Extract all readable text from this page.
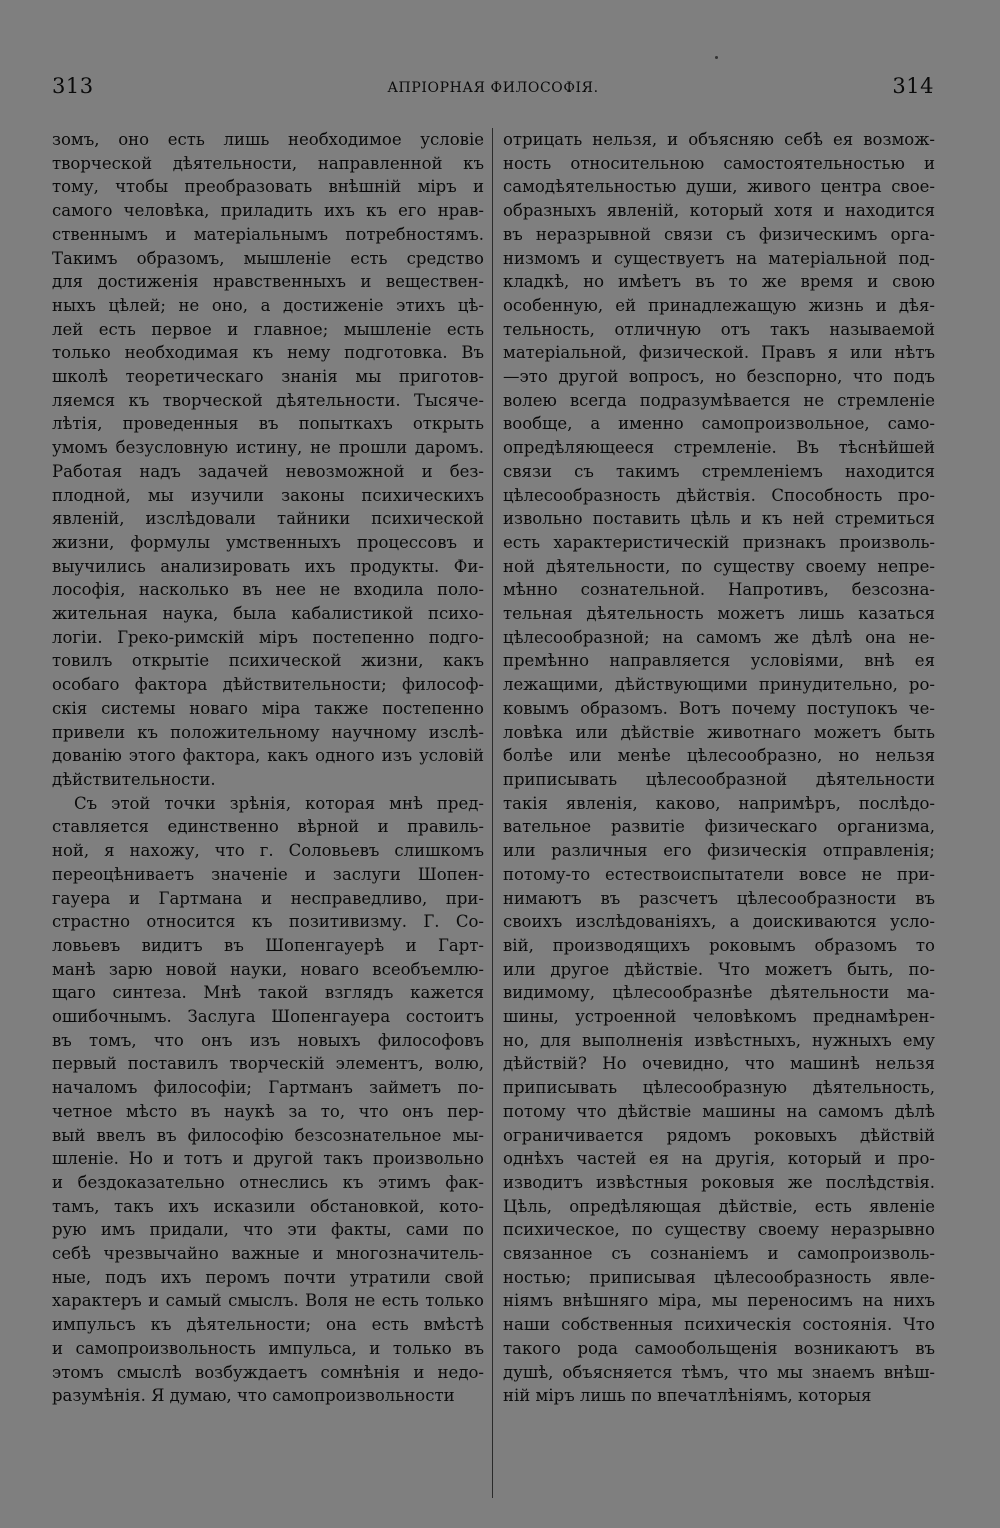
313	АПРІОРНАЯ ФИЛОСОФІЯ.	314
зомъ, оно есть лишь необходимое условіе
творческой дѣятельности, направленной къ
тому, чтобы преобразовать внѣшній міръ и
самого человѣка, приладить ихъ къ его нрав-
ственнымъ и матеріальнымъ потребностямъ.
Такимъ образомъ, мышленіе есть средство
для достиженія нравственныхъ и веществен-
ныхъ цѣлей; не оно, а достиженіе этихъ цѣ-
лей есть первое и главное; мышленіе есть
только необходимая къ нему подготовка. Въ
школѣ теоретическаго знанія мы приготов-
ляемся къ творческой дѣятельности. Тысяче-
лѣтія, проведенныя въ попыткахъ открыть
умомъ безусловную истину, не прошли даромъ.
Работая надъ задачей невозможной и без-
плодной, мы изучили законы психическихъ
явленій, изслѣдовали тайники психической
жизни, формулы умственныхъ процессовъ и
выучились анализировать ихъ продукты. Фи-
лософія, насколько въ нее не входила поло-
жительная наука, была кабалистикой психо-
логіи. Греко-римскій міръ постепенно подго-
товилъ открытіе психической жизни, какъ
особаго фактора дѣйствительности; философ-
скія системы новаго міра также постепенно
привели къ положительному научному изслѣ-
дованію этого фактора, какъ одного изъ условій
дѣйствительности.
Съ этой точки зрѣнія, которая мнѣ пред-
ставляется единственно вѣрной и правиль-
ной, я нахожу, что г. Соловьевъ слишкомъ
переоцѣниваетъ значеніе и заслуги Шопен-
гауера и Гартмана и несправедливо, при-
страстно относится къ позитивизму. Г. Со-
ловьевъ видитъ въ Шопенгауерѣ и Гарт-
манѣ зарю новой науки, новаго всеобъемлю-
щаго синтеза. Мнѣ такой взглядъ кажется
ошибочнымъ. Заслуга Шопенгауера состоитъ
въ томъ, что онъ изъ новыхъ философовъ
первый поставилъ творческій элементъ, волю,
началомъ философіи; Гартманъ займетъ по-
четное мѣсто въ наукѣ за то, что онъ пер-
вый ввелъ въ философію безсознательное мы-
шленіе. Но и тотъ и другой такъ произвольно
и бездоказательно отнеслись къ этимъ фак-
тамъ, такъ ихъ исказили обстановкой, кото-
рую имъ придали, что эти факты, сами по
себѣ чрезвычайно важные и многозначитель-
ные, подъ ихъ перомъ почти утратили свой
характеръ и самый смыслъ. Воля не есть только
импульсъ къ дѣятельности; она есть вмѣстѣ
и самопроизвольность импульса, и только въ
этомъ смыслѣ возбуждаетъ сомнѣнія и недо-
разумѣнія. Я думаю, что самопроизвольности
отрицать нельзя, и объясняю себѣ ея возмож-
ность относительною самостоятельностью и
самодѣятельностью души, живого центра свое-
образныхъ явленій, который хотя и находится
въ неразрывной связи съ физическимъ орга-
низмомъ и существуетъ на матеріальной под-
кладкѣ, но имѣетъ въ то же время и свою
особенную, ей принадлежащую жизнь и дѣя-
тельность, отличную отъ такъ называемой
матеріальной, физической. Правъ я или нѣтъ
—это другой вопросъ, но безспорно, что подъ
волею всегда подразумѣвается не стремленіе
вообще, а именно самопроизвольное, само-
опредѣляющееся стремленіе. Въ тѣснѣйшей
связи съ такимъ стремленіемъ находится
цѣлесообразность дѣйствія. Способность про-
извольно поставить цѣль и къ ней стремиться
есть характеристическій признакъ произволь-
ной дѣятельности, по существу своему непре-
мѣнно сознательной. Напротивъ, безсозна-
тельная дѣятельность можетъ лишь казаться
цѣлесообразной; на самомъ же дѣлѣ она не-
премѣнно направляется условіями, внѣ ея
лежащими, дѣйствующими принудительно, ро-
ковымъ образомъ. Вотъ почему поступокъ че-
ловѣка или дѣйствіе животнаго можетъ быть
болѣе или менѣе цѣлесообразно, но нельзя
приписывать цѣлесообразной дѣятельности
такія явленія, каково, напримѣръ, послѣдо-
вательное развитіе физическаго организма,
или различныя его физическія отправленія;
потому-то естествоиспытатели вовсе не при-
нимаютъ въ разсчетъ цѣлесообразности въ
своихъ изслѣдованіяхъ, а доискиваются усло-
вій, производящихъ роковымъ образомъ то
или другое дѣйствіе. Что можетъ быть, по-
видимому, цѣлесообразнѣе дѣятельности ма-
шины, устроенной человѣкомъ преднамѣрен-
но, для выполненія извѣстныхъ, нужныхъ ему
дѣйствій? Но очевидно, что машинѣ нельзя
приписывать цѣлесообразную дѣятельность,
потому что дѣйствіе машины на самомъ дѣлѣ
ограничивается рядомъ роковыхъ дѣйствій
однѣхъ частей ея на другія, который и про-
изводитъ извѣстныя роковыя же послѣдствія.
Цѣль, опредѣляющая дѣйствіе, есть явленіе
психическое, по существу своему неразрывно
связанное съ сознаніемъ и самопроизволь-
ностью; приписывая цѣлесообразность явле-
ніямъ внѣшняго міра, мы переносимъ на нихъ
наши собственныя психическія состоянія. Что
такого рода самообольщенія возникаютъ въ
душѣ, объясняется тѣмъ, что мы знаемъ внѣш-
ній міръ лишь по впечатлѣніямъ, которыя
